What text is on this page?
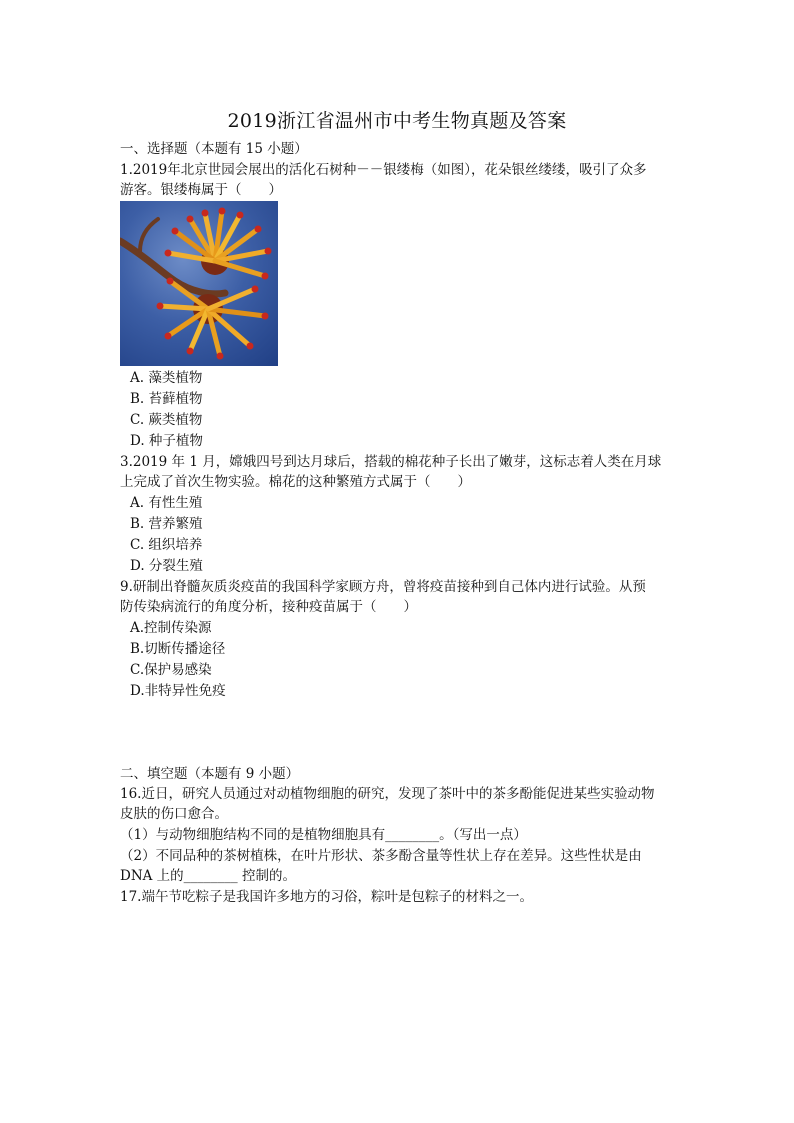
2019浙江省温州市中考生物真题及答案
一、选择题（本题有 15 小题）
1.2019年北京世园会展出的活化石树种－－银缕梅（如图），花朵银丝缕缕，吸引了众多
游客。银缕梅属于（　　）
A. 藻类植物
B. 苔藓植物
C. 蕨类植物
D. 种子植物
3.2019 年 1 月，嫦娥四号到达月球后，搭载的棉花种子长出了嫩芽，这标志着人类在月球
上完成了首次生物实验。棉花的这种繁殖方式属于（　　）
A. 有性生殖
B. 营养繁殖
C. 组织培养
D. 分裂生殖
9.研制出脊髓灰质炎疫苗的我国科学家顾方舟，曾将疫苗接种到自己体内进行试验。从预
防传染病流行的角度分析，接种疫苗属于（　　）
A.控制传染源
B.切断传播途径
C.保护易感染
D.非特异性免疫
二、填空题（本题有 9 小题）
16.近日，研究人员通过对动植物细胞的研究，发现了茶叶中的茶多酚能促进某些实验动物
皮肤的伤口愈合。
（1）与动物细胞结构不同的是植物细胞具有________。（写出一点）
（2）不同品种的茶树植株，在叶片形状、茶多酚含量等性状上存在差异。这些性状是由
DNA 上的________ 控制的。
17.端午节吃粽子是我国许多地方的习俗，粽叶是包粽子的材料之一。
